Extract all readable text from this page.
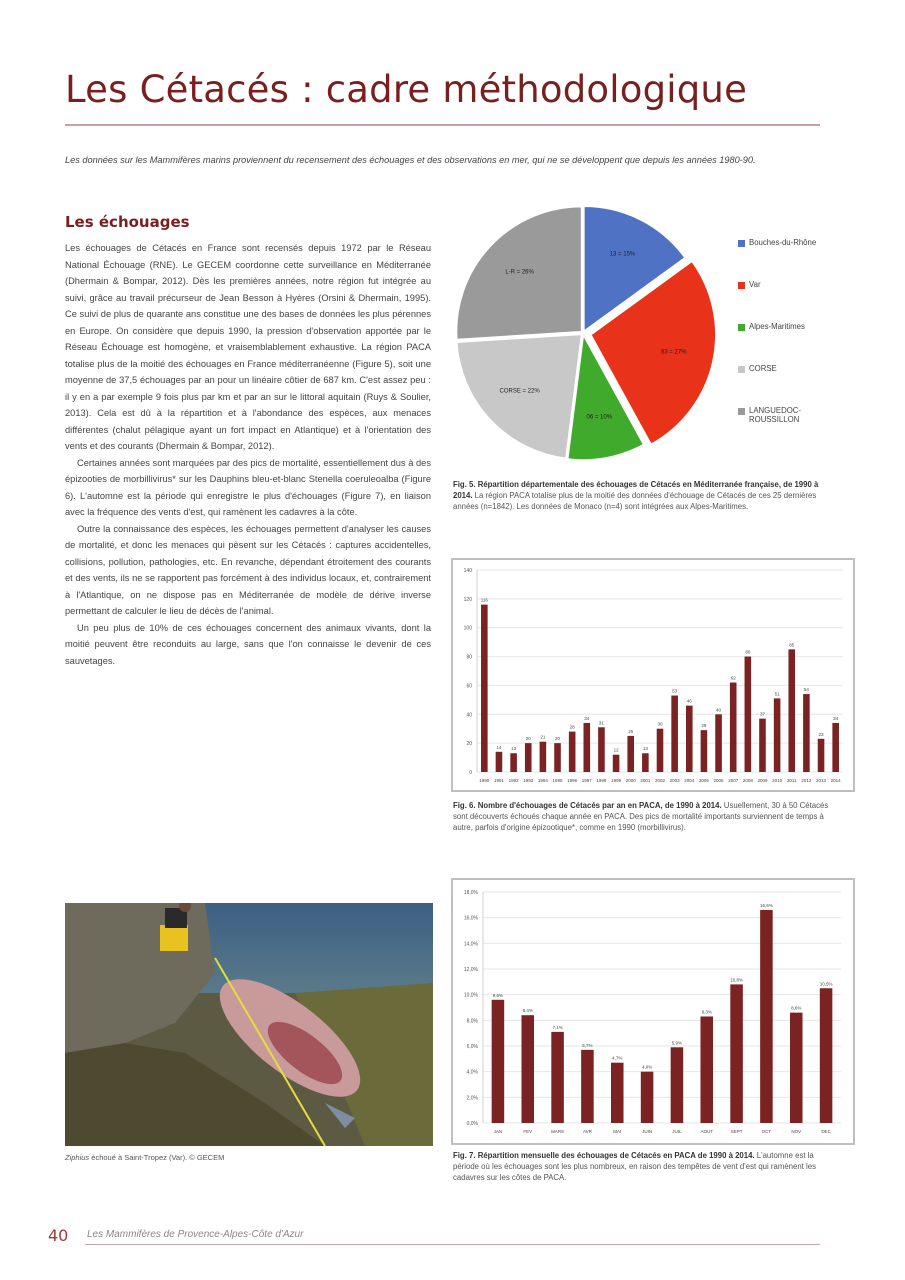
Les Cétacés : cadre méthodologique
Les données sur les Mammifères marins proviennent du recensement des échouages et des observations en mer, qui ne se développent que depuis les années 1980-90.
Les échouages

Les échouages de Cétacés en France sont recensés depuis 1972 par le Réseau National Échouage (RNE). Le GECEM coordonne cette surveillance en Méditerranée (Dhermain & Bompar, 2012). Dès les premières années, notre région fut intégrée au suivi, grâce au travail précurseur de Jean Besson à Hyères (Orsini & Dhermain, 1995). Ce suivi de plus de quarante ans constitue une des bases de données les plus pérennes en Europe. On considère que depuis 1990, la pression d'observation apportée par le Réseau Échouage est homogène, et vraisemblablement exhaustive. La région PACA totalise plus de la moitié des échouages en France méditerranéenne (Figure 5), soit une moyenne de 37,5 échouages par an pour un linéaire côtier de 687 km. C'est assez peu : il y en a par exemple 9 fois plus par km et par an sur le littoral aquitain (Ruys & Soulier, 2013). Cela est dû à la répartition et à l'abondance des espèces, aux menaces différentes (chalut pélagique ayant un fort impact en Atlantique) et à l'orientation des vents et des courants (Dhermain & Bompar, 2012).

Certaines années sont marquées par des pics de mortalité, essentiellement dus à des épizooties de morbillivirus* sur les Dauphins bleu-et-blanc Stenella coeruleoalba (Figure 6). L'automne est la période qui enregistre le plus d'échouages (Figure 7), en liaison avec la fréquence des vents d'est, qui ramènent les cadavres à la côte.

Outre la connaissance des espèces, les échouages permettent d'analyser les causes de mortalité, et donc les menaces qui pèsent sur les Cétacés : captures accidentelles, collisions, pollution, pathologies, etc. En revanche, dépendant étroitement des courants et des vents, ils ne se rapportent pas forcément à des individus locaux, et, contrairement à l'Atlantique, on ne dispose pas en Méditerranée de modèle de dérive inverse permettant de calculer le lieu de décès de l'animal.

Un peu plus de 10% de ces échouages concernent des animaux vivants, dont la moitié peuvent être reconduits au large, sans que l'on connaisse le devenir de ces sauvetages.

Ziphius échoué à Saint-Tropez (Var). © GECEM
13 = 15%
83 = 27%
06 = 10%
CORSE = 22%
L-R = 26%
Bouches-du-Rhône
Var
Alpes-Maritimes
CORSE
LANGUEDOC-ROUSSILLON
Fig. 5. Répartition départementale des échouages de Cétacés en Méditerranée française, de 1990 à 2014. La région PACA totalise plus de la moitié des données d'échouage de Cétacés de ces 25 dernières années (n=1842). Les données de Monaco (n=4) sont intégrées aux Alpes-Maritimes.
0
20
40
60
80
100
120
140
116
1990
14
1991
13
1992
20
1993
21
1994
20
1995
28
1996
34
1997
31
1998
12
1999
25
2000
13
2001
30
2002
53
2003
46
2004
29
2005
40
2006
62
2007
80
2008
37
2009
51
2010
85
2011
54
2012
23
2013
34
2014
Fig. 6. Nombre d'échouages de Cétacés par an en PACA, de 1990 à 2014. Usuellement, 30 à 50 Cétacés sont découverts échoués chaque année en PACA. Des pics de mortalité importants surviennent de temps à autre, parfois d'origine épizootique*, comme en 1990 (morbillivirus).
0,0%
2,0%
4,0%
6,0%
8,0%
10,0%
12,0%
14,0%
16,0%
18,0%
9,6%
JAN
8,4%
FEV
7,1%
MARS
5,7%
AVR
4,7%
MAI
4,0%
JUIN
5,9%
JUIL
8,3%
AOUT
10,8%
SEPT
16,6%
OCT
8,6%
NOV
10,5%
DEC
Fig. 7. Répartition mensuelle des échouages de Cétacés en PACA de 1990 à 2014. L'automne est la période où les échouages sont les plus nombreux, en raison des tempêtes de vent d'est qui ramènent les cadavres sur les côtes de PACA.
40 Les Mammifères de Provence-Alpes-Côte d'Azur
